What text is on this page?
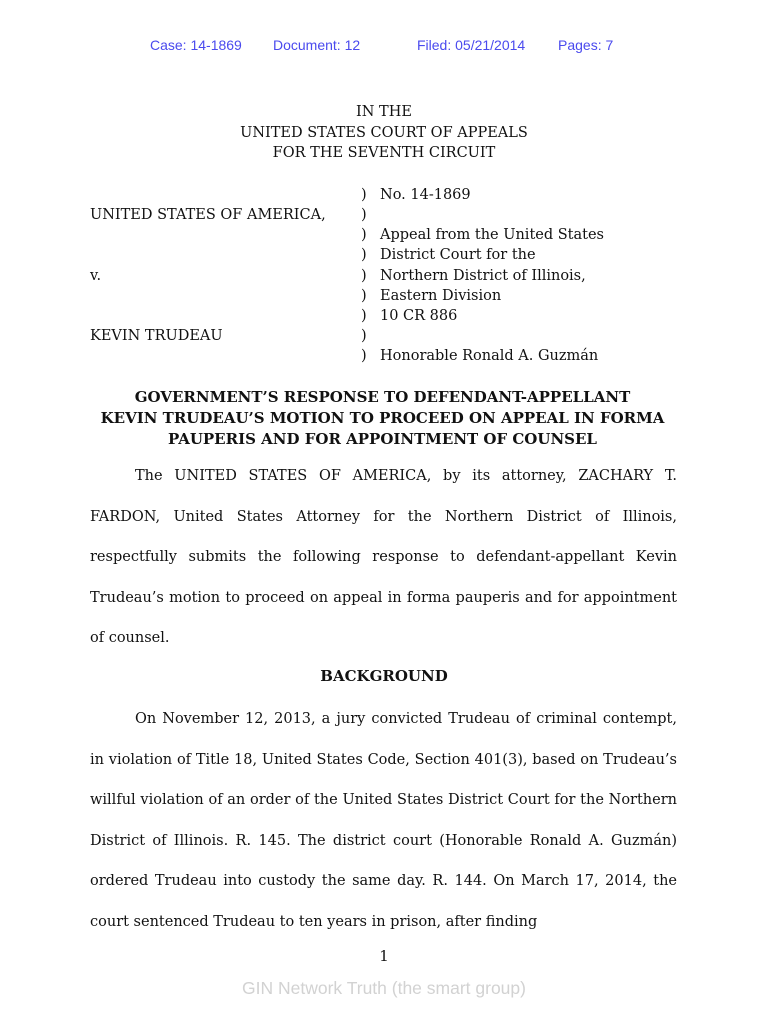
Case: 14-1869 Document: 12	Filed: 05/21/2014 Pages: 7
IN THE
UNITED STATES COURT OF APPEALS
FOR THE SEVENTH CIRCUIT
UNITED STATES OF AMERICA,
v.
KEVIN TRUDEAU
)
)
)
)
)
)
)
)
)
No. 14-1869
Appeal from the United States
District Court for the
Northern District of Illinois,
Eastern Division
10 CR 886
Honorable Ronald A. Guzmán
GOVERNMENT’S RESPONSE TO DEFENDANT-APPELLANT
KEVIN TRUDEAU’S MOTION TO PROCEED ON APPEAL IN FORMA
PAUPERIS AND FOR APPOINTMENT OF COUNSEL

The UNITED STATES OF AMERICA, by its attorney, ZACHARY T. FARDON, United States Attorney for the Northern District of Illinois, respectfully submits the following response to defendant-appellant Kevin Trudeau’s motion to proceed on appeal in forma pauperis and for appointment of counsel.

BACKGROUND

On November 12, 2013, a jury convicted Trudeau of criminal contempt, in violation of Title 18, United States Code, Section 401(3), based on Trudeau’s willful violation of an order of the United States District Court for the Northern District of Illinois. R. 145. The district court (Honorable Ronald A. Guzmán) ordered Trudeau into custody the same day. R. 144. On March 17, 2014, the court sentenced Trudeau to ten years in prison, after finding

1
GIN Network Truth (the smart group)
